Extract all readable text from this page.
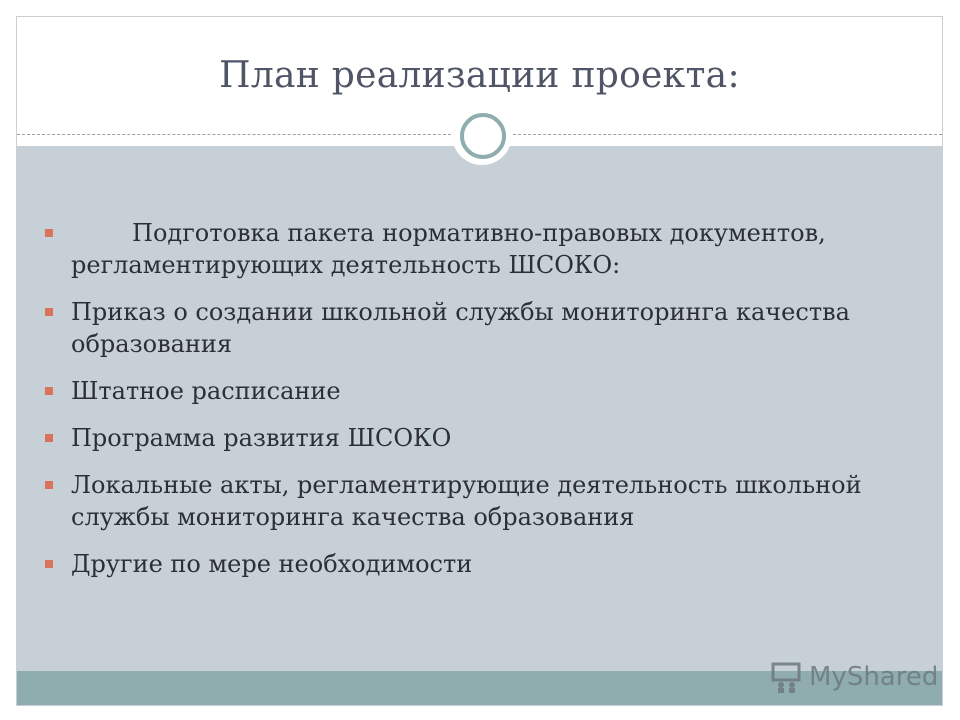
План реализации проекта:
Подготовка пакета нормативно-правовых документов, регламентирующих деятельность ШСОКО:
Приказ о создании школьной службы мониторинга качества образования
Штатное расписание
Программа развития ШСОКО
Локальные акты, регламентирующие деятельность школьной службы мониторинга качества образования
Другие по мере необходимости
MyShared
